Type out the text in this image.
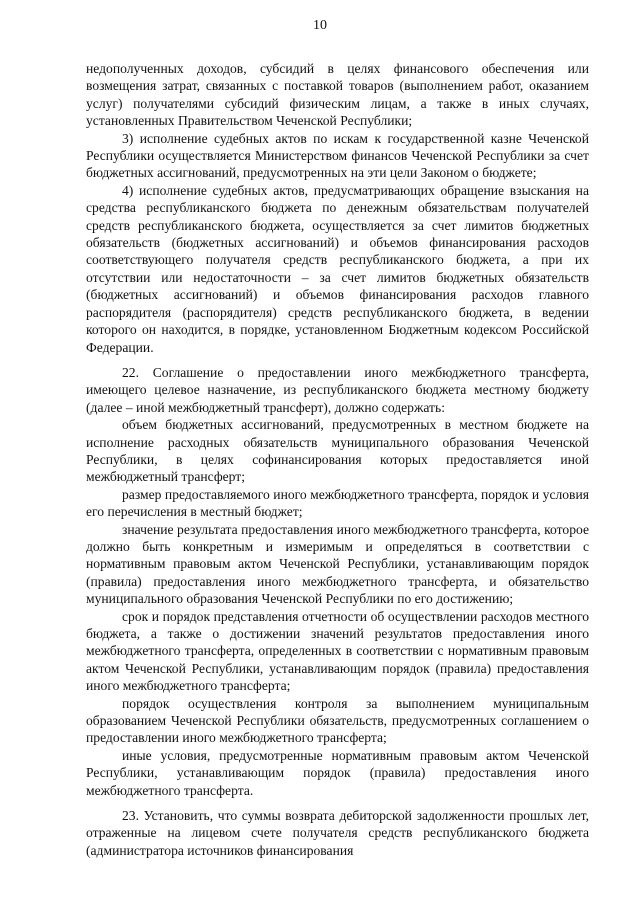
10

недополученных доходов, субсидий в целях финансового обеспечения или возмещения затрат, связанных с поставкой товаров (выполнением работ, оказанием услуг) получателями субсидий физическим лицам, а также в иных случаях, установленных Правительством Чеченской Республики;

3) исполнение судебных актов по искам к государственной казне Чеченской Республики осуществляется Министерством финансов Чеченской Республики за счет бюджетных ассигнований, предусмотренных на эти цели Законом о бюджете;

4) исполнение судебных актов, предусматривающих обращение взыскания на средства республиканского бюджета по денежным обязательствам получателей средств республиканского бюджета, осуществляется за счет лимитов бюджетных обязательств (бюджетных ассигнований) и объемов финансирования расходов соответствующего получателя средств республиканского бюджета, а при их отсутствии или недостаточности – за счет лимитов бюджетных обязательств (бюджетных ассигнований) и объемов финансирования расходов главного распорядителя (распорядителя) средств республиканского бюджета, в ведении которого он находится, в порядке, установленном Бюджетным кодексом Российской Федерации.

22. Соглашение о предоставлении иного межбюджетного трансферта, имеющего целевое назначение, из республиканского бюджета местному бюджету (далее – иной межбюджетный трансферт), должно содержать:

объем бюджетных ассигнований, предусмотренных в местном бюджете на исполнение расходных обязательств муниципального образования Чеченской Республики, в целях софинансирования которых предоставляется иной межбюджетный трансферт;

размер предоставляемого иного межбюджетного трансферта, порядок и условия его перечисления в местный бюджет;

значение результата предоставления иного межбюджетного трансферта, которое должно быть конкретным и измеримым и определяться в соответствии с нормативным правовым актом Чеченской Республики, устанавливающим порядок (правила) предоставления иного межбюджетного трансферта, и обязательство муниципального образования Чеченской Республики по его достижению;

срок и порядок представления отчетности об осуществлении расходов местного бюджета, а также о достижении значений результатов предоставления иного межбюджетного трансферта, определенных в соответствии с нормативным правовым актом Чеченской Республики, устанавливающим порядок (правила) предоставления иного межбюджетного трансферта;

порядок осуществления контроля за выполнением муниципальным образованием Чеченской Республики обязательств, предусмотренных соглашением о предоставлении иного межбюджетного трансферта;

иные условия, предусмотренные нормативным правовым актом Чеченской Республики, устанавливающим порядок (правила) предоставления иного межбюджетного трансферта.

23. Установить, что суммы возврата дебиторской задолженности прошлых лет, отраженные на лицевом счете получателя средств республиканского бюджета (администратора источников финансирования
